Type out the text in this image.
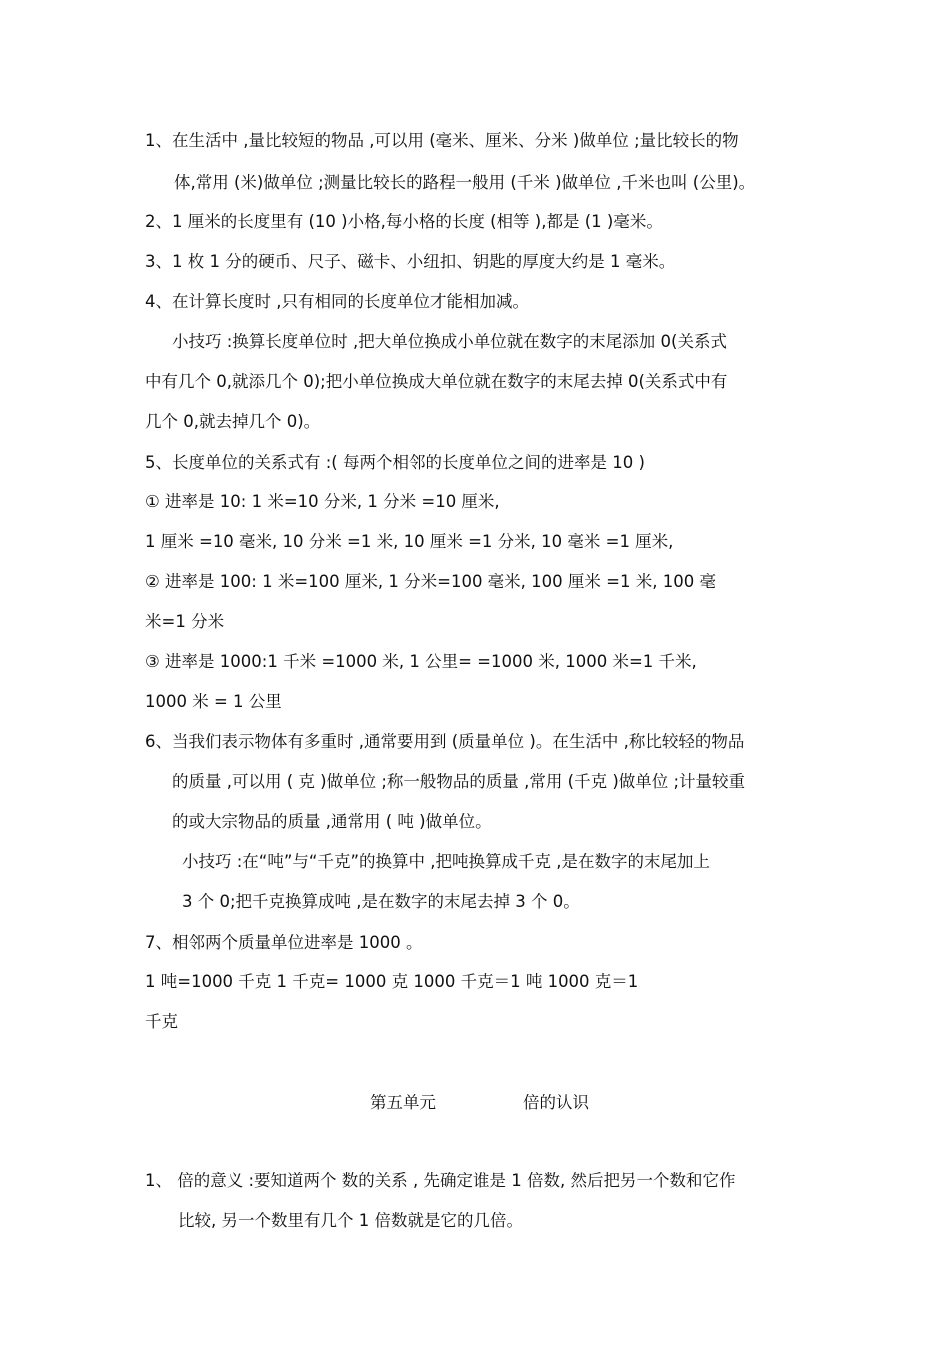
1、在生活中 ,量比较短的物品 ,可以用 (毫米、厘米、分米 )做单位 ;量比较长的物
体,常用 (米)做单位 ;测量比较长的路程一般用 (千米 )做单位 ,千米也叫 (公里)。
2、1 厘米的长度里有 (10 )小格,每小格的长度 (相等 ),都是 (1 )毫米。
3、1 枚 1 分的硬币、尺子、磁卡、小纽扣、钥匙的厚度大约是 1 毫米。
4、在计算长度时 ,只有相同的长度单位才能相加减。
小技巧 :换算长度单位时 ,把大单位换成小单位就在数字的末尾添加 0(关系式
中有几个 0,就添几个 0);把小单位换成大单位就在数字的末尾去掉 0(关系式中有
几个 0,就去掉几个 0)。
5、长度单位的关系式有 :( 每两个相邻的长度单位之间的进率是 10 )
① 进率是 10: 1 米=10 分米, 1 分米 =10 厘米,
1 厘米 =10 毫米, 10 分米 =1 米, 10 厘米 =1 分米, 10 毫米 =1 厘米,
② 进率是 100: 1 米=100 厘米, 1 分米=100 毫米, 100 厘米 =1 米, 100 毫
米=1 分米
③ 进率是 1000:1 千米 =1000 米, 1 公里= =1000 米, 1000 米=1 千米,
1000 米 = 1 公里
6、当我们表示物体有多重时 ,通常要用到 (质量单位 )。在生活中 ,称比较轻的物品
的质量 ,可以用 ( 克 )做单位 ;称一般物品的质量 ,常用 (千克 )做单位 ;计量较重
的或大宗物品的质量 ,通常用 ( 吨 )做单位。
小技巧 :在“吨”与“千克”的换算中 ,把吨换算成千克 ,是在数字的末尾加上
3 个 0;把千克换算成吨 ,是在数字的末尾去掉 3 个 0。
7、相邻两个质量单位进率是 1000 。
1 吨=1000 千克 1 千克= 1000 克 1000 千克＝1 吨 1000 克＝1
千克
第五单元	倍的认识
1、 倍的意义 :要知道两个 数的关系 , 先确定谁是 1 倍数, 然后把另一个数和它作
比较, 另一个数里有几个 1 倍数就是它的几倍。
